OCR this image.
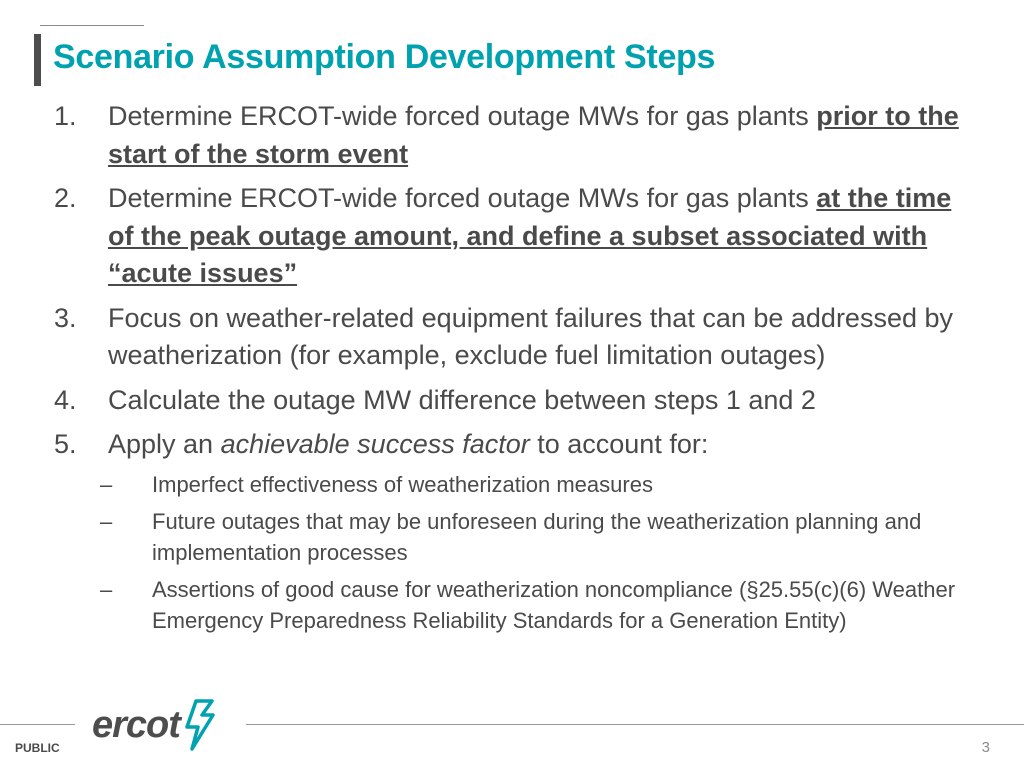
Scenario Assumption Development Steps
1. Determine ERCOT-wide forced outage MWs for gas plants prior to the start of the storm event
2. Determine ERCOT-wide forced outage MWs for gas plants at the time of the peak outage amount, and define a subset associated with “acute issues”
3. Focus on weather-related equipment failures that can be addressed by weatherization (for example, exclude fuel limitation outages)
4. Calculate the outage MW difference between steps 1 and 2
5. Apply an achievable success factor to account for:
– Imperfect effectiveness of weatherization measures
– Future outages that may be unforeseen during the weatherization planning and implementation processes
– Assertions of good cause for weatherization noncompliance (§25.55(c)(6) Weather Emergency Preparedness Reliability Standards for a Generation Entity)
ercot
PUBLIC	3
